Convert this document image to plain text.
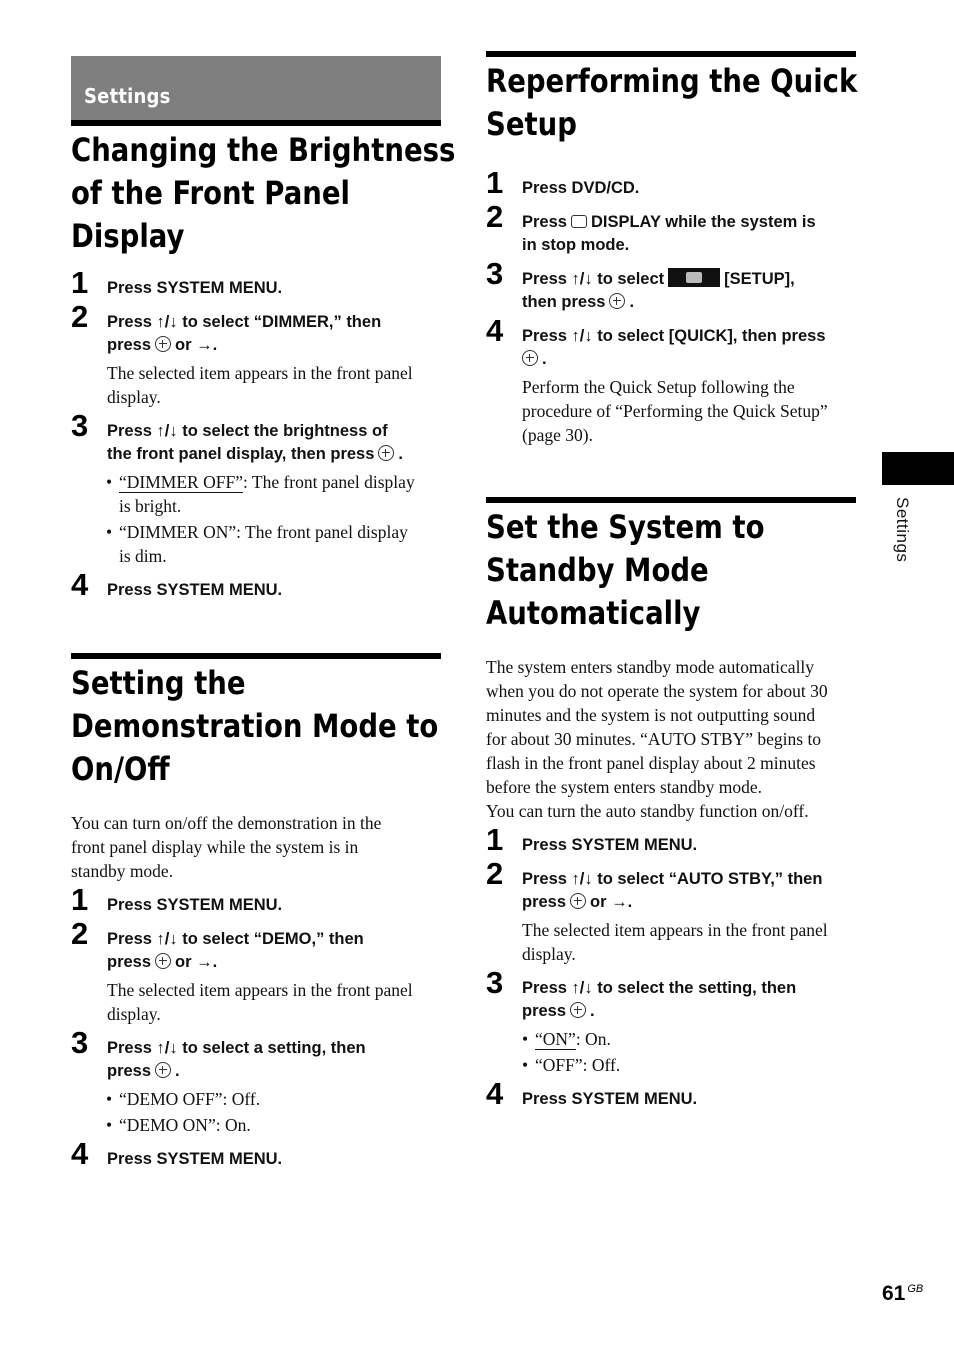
Settings
Changing the Brightness
of the Front Panel
Display
1 Press SYSTEM MENU.
2 Press ↑/↓ to select “DIMMER,” then
press or →.
The selected item appears in the front panel
display.
3 Press ↑/↓ to select the brightness of
the front panel display, then press .
• “DIMMER OFF”: The front panel display
is bright.
• “DIMMER ON”: The front panel display
is dim.
4 Press SYSTEM MENU.
Setting the
Demonstration Mode to
On/Off
You can turn on/off the demonstration in the
front panel display while the system is in
standby mode.
1 Press SYSTEM MENU.
2 Press ↑/↓ to select “DEMO,” then
press or →.
The selected item appears in the front panel
display.
3 Press ↑/↓ to select a setting, then
press .
• “DEMO OFF”: Off.
• “DEMO ON”: On.
4 Press SYSTEM MENU.
Reperforming the Quick
Setup
1 Press DVD/CD.
2 Press DISPLAY while the system is
in stop mode.
3 Press ↑/↓ to select	[SETUP],
then press .
4 Press ↑/↓ to select [QUICK], then press
.
Perform the Quick Setup following the
procedure of “Performing the Quick Setup”
(page 30).
Set the System to
Standby Mode
Automatically
The system enters standby mode automatically
when you do not operate the system for about 30
minutes and the system is not outputting sound
for about 30 minutes. “AUTO STBY” begins to
flash in the front panel display about 2 minutes
before the system enters standby mode.
You can turn the auto standby function on/off.
1 Press SYSTEM MENU.
2 Press ↑/↓ to select “AUTO STBY,” then
press or →.
The selected item appears in the front panel
display.
3 Press ↑/↓ to select the setting, then
press .
• “ON”: On.
• “OFF”: Off.
4 Press SYSTEM MENU.
Settings
61 $^{GB}$
